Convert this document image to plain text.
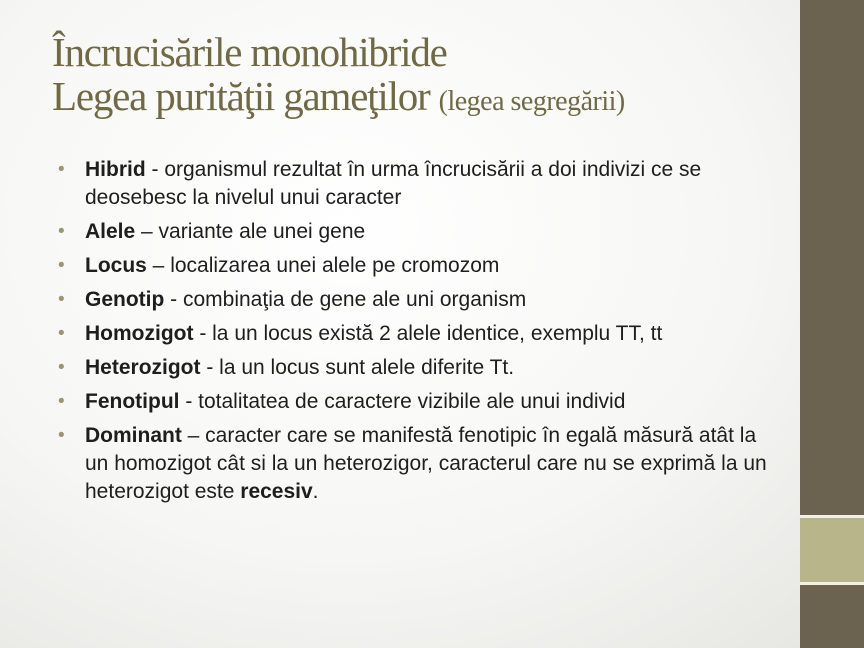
Încrucisările monohibride
Legea purităţii gameţilor (legea segregării)
• Hibrid - organismul rezultat în urma încrucisării a doi indivizi ce se deosebesc la nivelul unui caracter
• Alele – variante ale unei gene
• Locus – localizarea unei alele pe cromozom
• Genotip - combinaţia de gene ale uni organism
• Homozigot - la un locus există 2 alele identice, exemplu TT, tt
• Heterozigot - la un locus sunt alele diferite Tt.
• Fenotipul - totalitatea de caractere vizibile ale unui individ
• Dominant – caracter care se manifestă fenotipic în egală măsură atât la un homozigot cât si la un heterozigor, caracterul care nu se exprimă la un heterozigot este recesiv.
